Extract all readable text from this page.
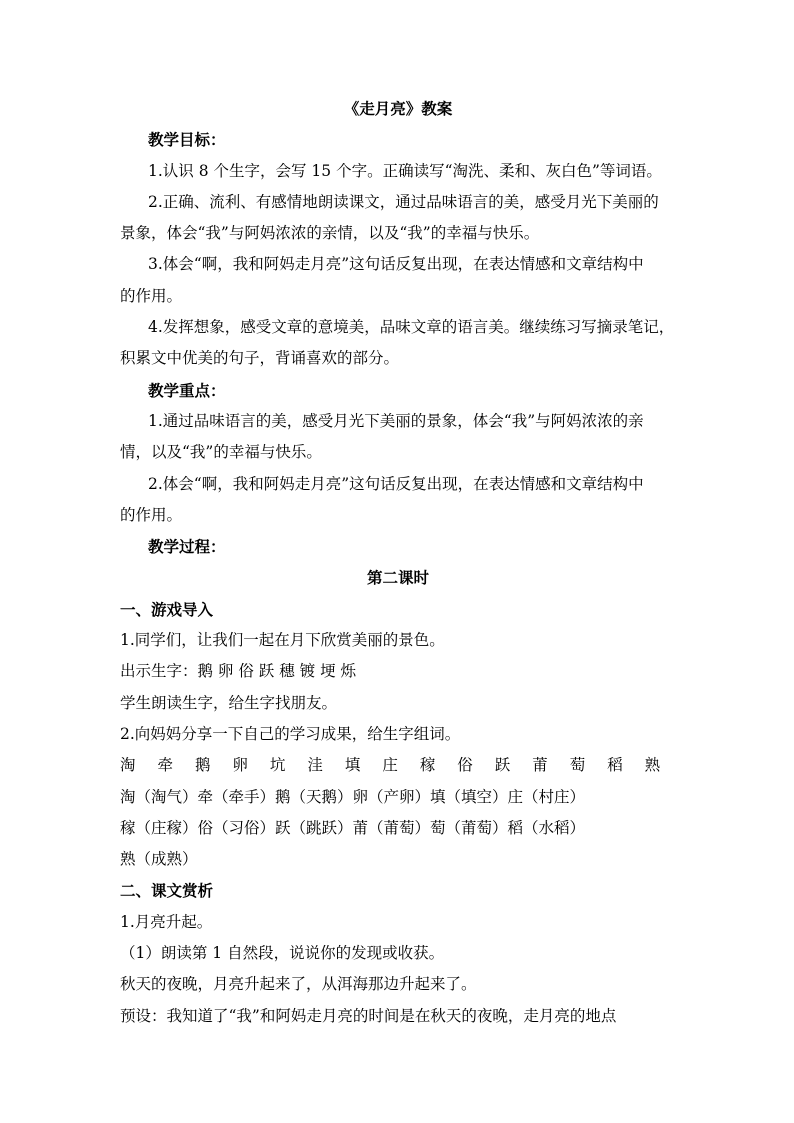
《走月亮》教案
教学目标：
1.认识 8 个生字，会写 15 个字。正确读写“淘洗、柔和、灰白色”等词语。
2.正确、流利、有感情地朗读课文，通过品味语言的美，感受月光下美丽的
景象，体会“我”与阿妈浓浓的亲情，以及“我”的幸福与快乐。
3.体会“啊，我和阿妈走月亮”这句话反复出现，在表达情感和文章结构中
的作用。
4.发挥想象，感受文章的意境美，品味文章的语言美。继续练习写摘录笔记，
积累文中优美的句子，背诵喜欢的部分。
教学重点：
1.通过品味语言的美，感受月光下美丽的景象，体会“我”与阿妈浓浓的亲
情，以及“我”的幸福与快乐。
2.体会“啊，我和阿妈走月亮”这句话反复出现，在表达情感和文章结构中
的作用。
教学过程：
第二课时
一、游戏导入
1.同学们，让我们一起在月下欣赏美丽的景色。
出示生字：鹅 卵 俗 跃 穗 镀 埂 烁
学生朗读生字，给生字找朋友。
2.向妈妈分享一下自己的学习成果，给生字组词。
淘 牵 鹅 卵 坑 洼 填 庄 稼 俗 跃 莆 萄 稻 熟
淘（淘气）牵（牵手）鹅（天鹅）卵（产卵）填（填空）庄（村庄）
稼（庄稼）俗（习俗）跃（跳跃）莆（莆萄）萄（莆萄）稻（水稻）
熟（成熟）
二、课文赏析
1.月亮升起。
（1）朗读第 1 自然段，说说你的发现或收获。
秋天的夜晚，月亮升起来了，从洱海那边升起来了。
预设：我知道了“我”和阿妈走月亮的时间是在秋天的夜晚，走月亮的地点
